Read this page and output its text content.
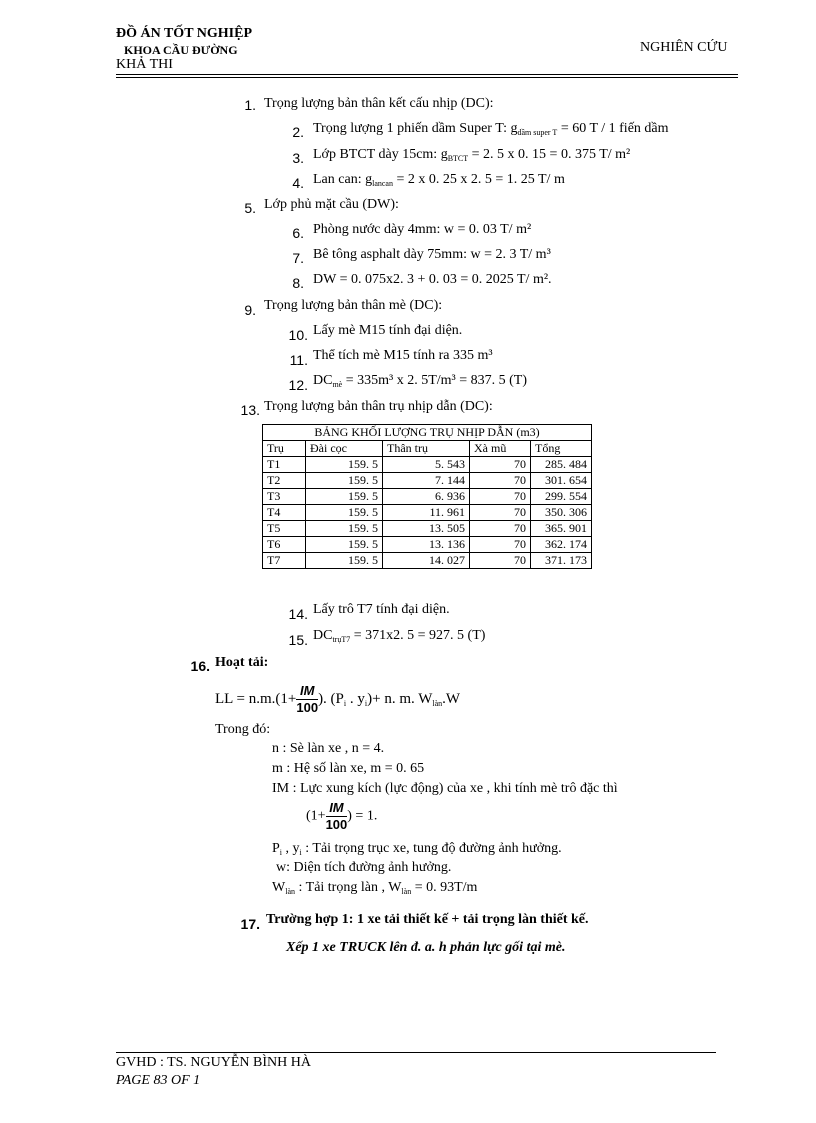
ĐỒ ÁN TỐT NGHIỆP
KHOA CẦU ĐƯỜNG
KHẢ THI
NGHIÊN CỨU
1. Trọng lượng bản thân kết cấu nhịp (DC):
2. Trọng lượng 1 phiến dầm Super T: $g_{dầm super T} = 60$ T / 1 fiến dầm
3. Lớp BTCT dày 15cm: $g_{BTCT} = 2$. 5 x 0. 15 = 0. 375 T/ m²
4. Lan can: $g_{lancan} = 2$ x 0. 25 x 2. 5 = 1. 25 T/ m
5. Lớp phủ mặt cầu (DW):
6. Phòng nước dày 4mm: w = 0. 03 T/ m²
7. Bê tông asphalt dày 75mm: w = 2. 3 T/ m³
8. DW = 0. 075x2. 3 + 0. 03 = 0. 2025 T/ m².
9. Trọng lượng bản thân mè (DC):
10. Lấy mè M15 tính đại diện.
11. Thể tích mè M15 tính ra 335 m³
12. $DC_{mè} = 335m^3$ x 2. 5T/m³ = 837. 5 (T)
13. Trọng lượng bản thân trụ nhịp dẫn (DC):
BẢNG KHỐI LƯỢNG TRỤ NHỊP DẪN (m3)				
Trụ	Đài cọc	Thân trụ	Xà mũ	Tổng
T1	159. 5	5. 543	70	285. 484
T2	159. 5	7. 144	70	301. 654
T3	159. 5	6. 936	70	299. 554
T4	159. 5	11. 961	70	350. 306
T5	159. 5	13. 505	70	365. 901
T6	159. 5	13. 136	70	362. 174
T7	159. 5	14. 027	70	371. 173
14. Lấy trô T7 tính đại diện.
15. $DC_{trụT7} = 371x2$. 5 = 927. 5 (T)
16. Hoạt tải:
LL = $n.m.(1+ \frac{IM}{100}$ ). ($P_i$ . $y_i)+ n$. m. $W_{làn}.W$
Trong đó:
n : Sè làn xe , n = 4.
m : Hệ số làn xe, m = 0. 65
IM : Lực xung kích (lực động) của xe , khi tính mè trô đặc thì
($1+ \frac{IM}{100}$ ) = 1.
$P_i$ , $y_i$ : Tải trọng trục xe, tung độ đường ảnh hưởng.
w: Diện tích đường ảnh hưởng.
$W_{làn}$ : Tải trọng làn , $W_{làn} = 0$. 93T/m
17. Trường hợp 1: 1 xe tải thiết kế + tải trọng làn thiết kế.
Xếp 1 xe TRUCK lên đ. a. h phản lực gối tại mè.
GVHD : TS. NGUYỄN BÌNH HÀ
PAGE 83 OF 1
